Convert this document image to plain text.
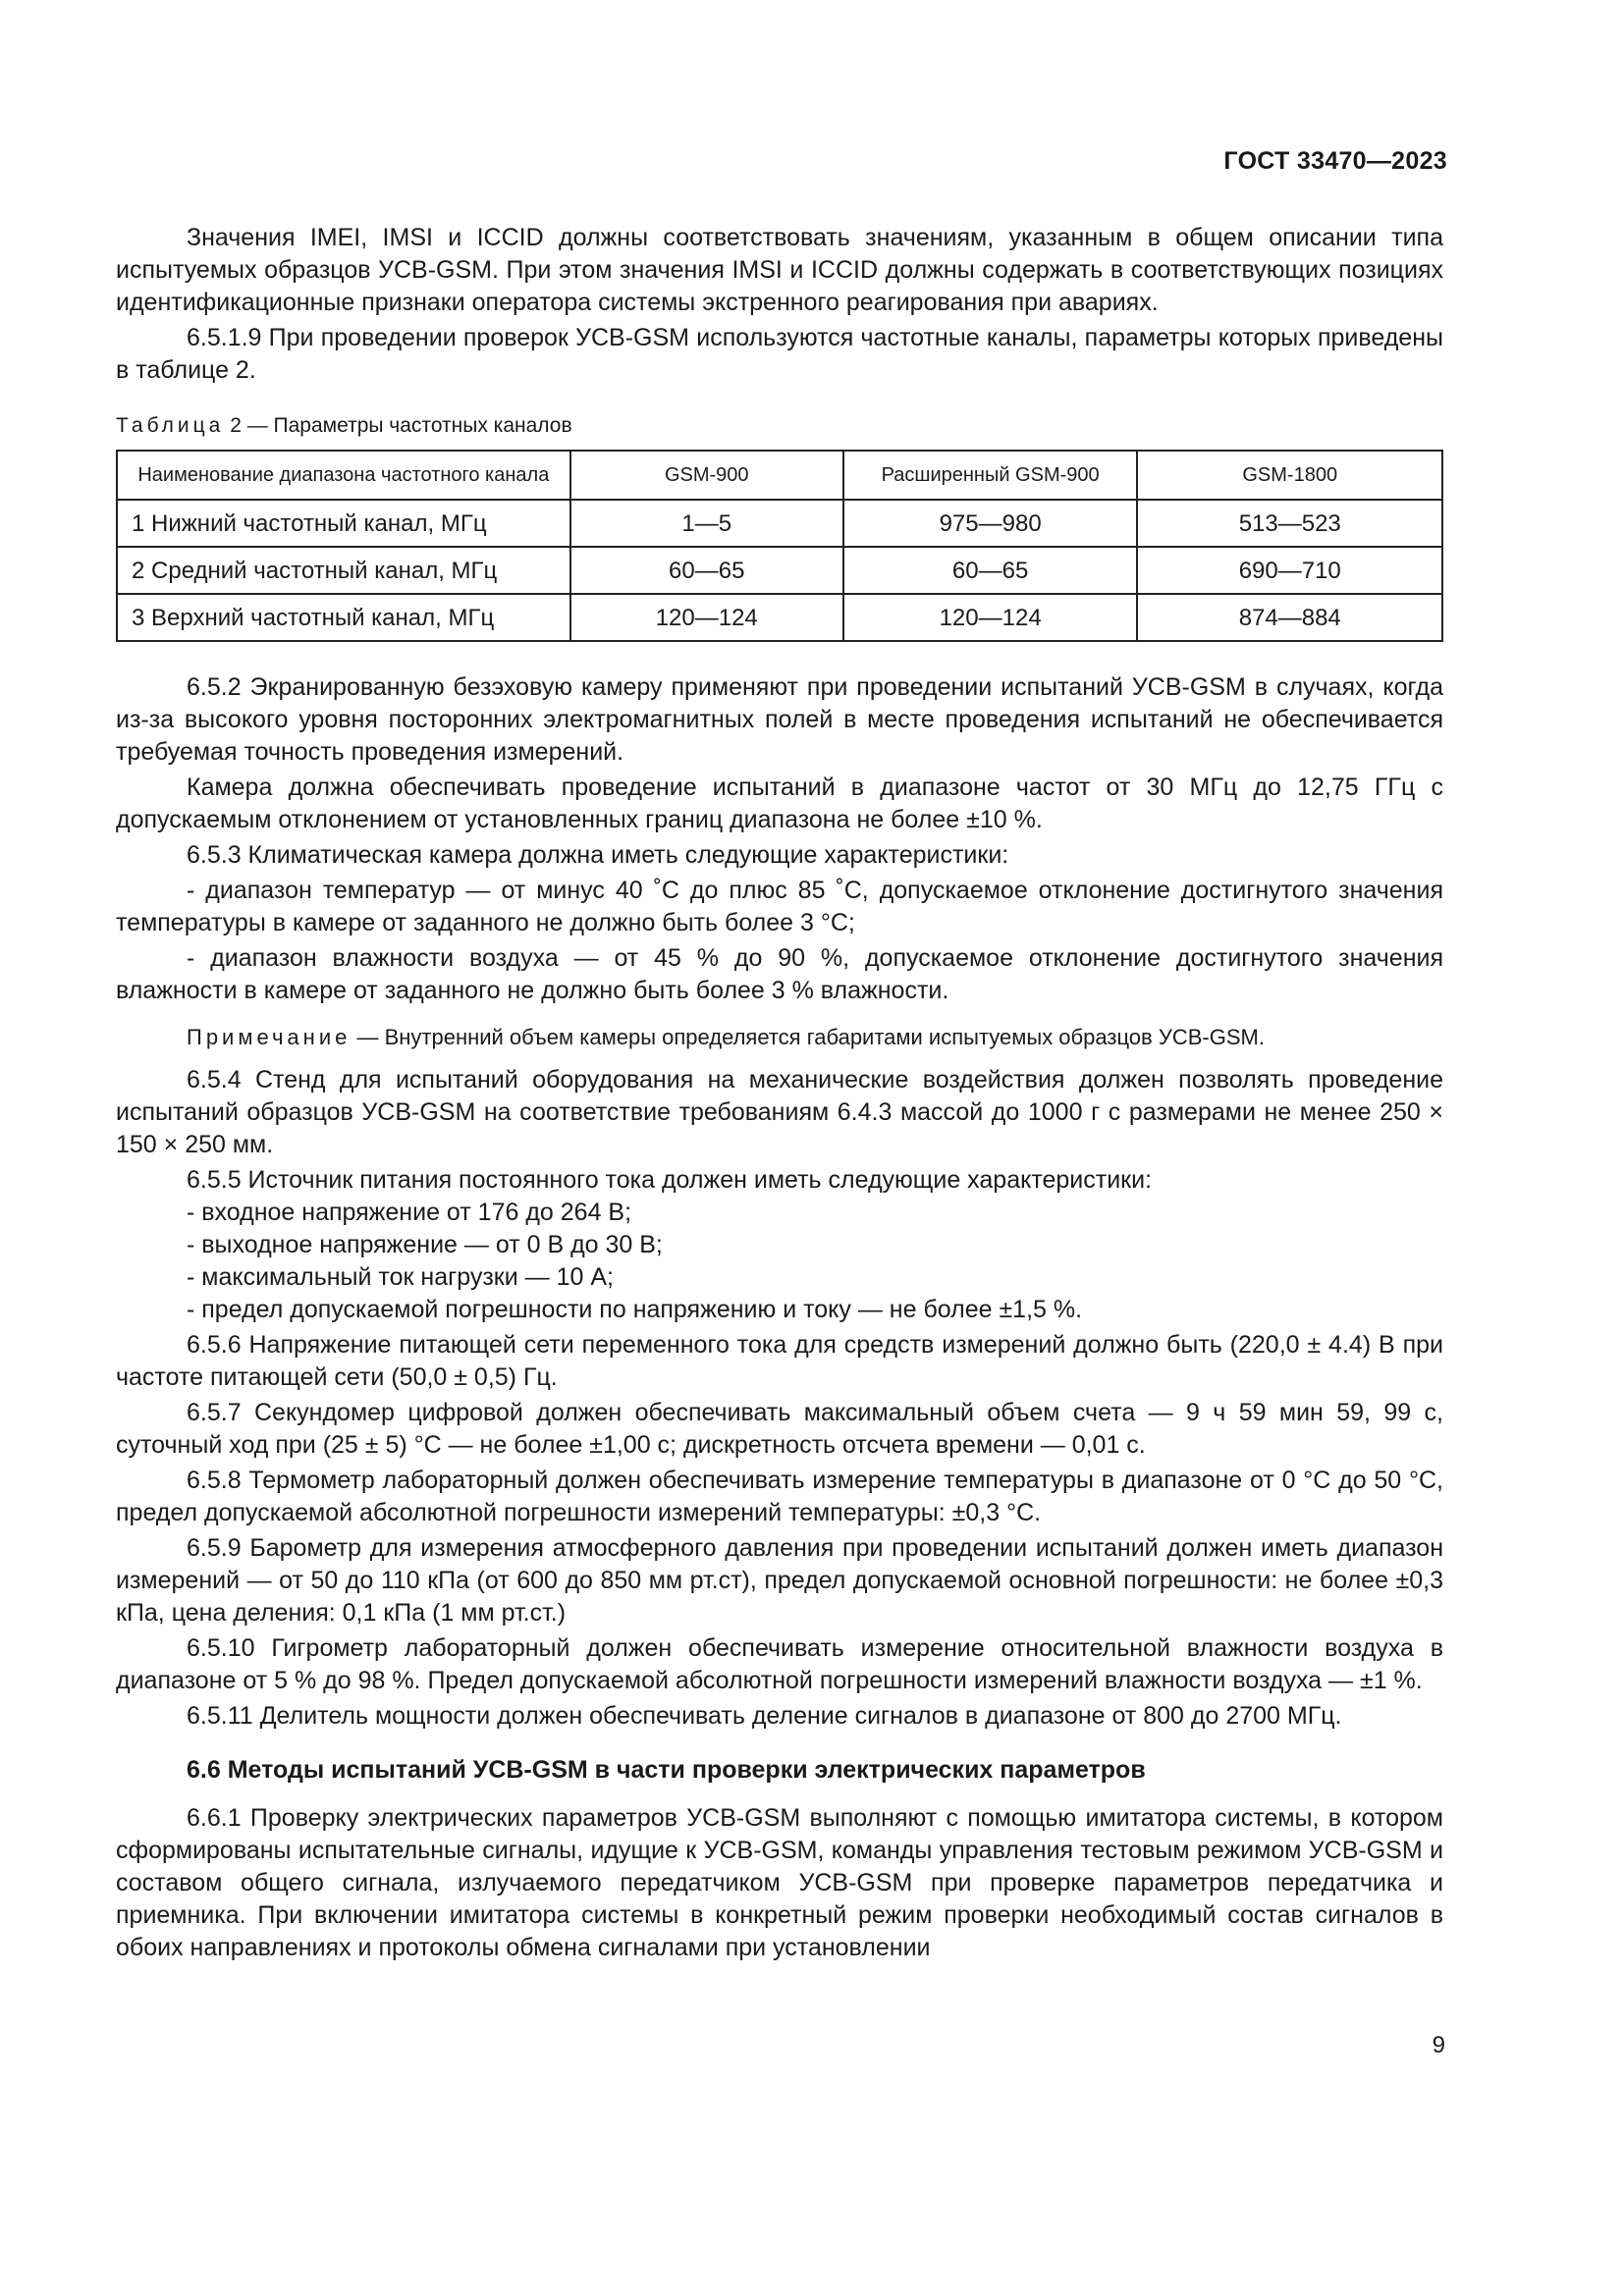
ГОСТ 33470—2023

Значения IMEI, IMSI и ICCID должны соответствовать значениям, указанным в общем описании типа испытуемых образцов УСВ-GSM. При этом значения IMSI и ICCID должны содержать в соответствующих позициях идентификационные признаки оператора системы экстренного реагирования при авариях.

6.5.1.9 При проведении проверок УСВ-GSM используются частотные каналы, параметры которых приведены в таблице 2.

Таблица 2 — Параметры частотных каналов
Наименование диапазона частотного канала	GSM-900	Расширенный GSM-900	GSM-1800
1 Нижний частотный канал, МГц	1—5	975—980	513—523
2 Средний частотный канал, МГц	60—65	60—65	690—710
3 Верхний частотный канал, МГц	120—124	120—124	874—884

6.5.2 Экранированную безэховую камеру применяют при проведении испытаний УСВ-GSM в случаях, когда из-за высокого уровня посторонних электромагнитных полей в месте проведения испытаний не обеспечивается требуемая точность проведения измерений.

Камера должна обеспечивать проведение испытаний в диапазоне частот от 30 МГц до 12,75 ГГц с допускаемым отклонением от установленных границ диапазона не более ±10 %.

6.5.3 Климатическая камера должна иметь следующие характеристики:

- диапазон температур — от минус 40 ˚С до плюс 85 ˚С, допускаемое отклонение достигнутого значения температуры в камере от заданного не должно быть более 3 °С;

- диапазон влажности воздуха — от 45 % до 90 %, допускаемое отклонение достигнутого значения влажности в камере от заданного не должно быть более 3 % влажности.

Примечание — Внутренний объем камеры определяется габаритами испытуемых образцов УСВ-GSM.

6.5.4 Стенд для испытаний оборудования на механические воздействия должен позволять проведение испытаний образцов УСВ-GSM на соответствие требованиям 6.4.3 массой до 1000 г с размерами не менее 250 × 150 × 250 мм.

6.5.5 Источник питания постоянного тока должен иметь следующие характеристики:

- входное напряжение от 176 до 264 В;
- выходное напряжение — от 0 В до 30 В;
- максимальный ток нагрузки — 10 А;
- предел допускаемой погрешности по напряжению и току — не более ±1,5 %.

6.5.6 Напряжение питающей сети переменного тока для средств измерений должно быть (220,0 ± 4.4) В при частоте питающей сети (50,0 ± 0,5) Гц.

6.5.7 Секундомер цифровой должен обеспечивать максимальный объем счета — 9 ч 59 мин 59, 99 с, суточный ход при (25 ± 5) °С — не более ±1,00 с; дискретность отсчета времени — 0,01 с.

6.5.8 Термометр лабораторный должен обеспечивать измерение температуры в диапазоне от 0 °С до 50 °С, предел допускаемой абсолютной погрешности измерений температуры: ±0,3 °С.

6.5.9 Барометр для измерения атмосферного давления при проведении испытаний должен иметь диапазон измерений — от 50 до 110 кПа (от 600 до 850 мм рт.ст), предел допускаемой основной погрешности: не более ±0,3 кПа, цена деления: 0,1 кПа (1 мм рт.ст.)

6.5.10 Гигрометр лабораторный должен обеспечивать измерение относительной влажности воздуха в диапазоне от 5 % до 98 %. Предел допускаемой абсолютной погрешности измерений влажности воздуха — ±1 %.

6.5.11 Делитель мощности должен обеспечивать деление сигналов в диапазоне от 800 до 2700 МГц.

6.6 Методы испытаний УСВ-GSM в части проверки электрических параметров

6.6.1 Проверку электрических параметров УСВ-GSM выполняют с помощью имитатора системы, в котором сформированы испытательные сигналы, идущие к УСВ-GSM, команды управления тестовым режимом УСВ-GSM и составом общего сигнала, излучаемого передатчиком УСВ-GSM при проверке параметров передатчика и приемника. При включении имитатора системы в конкретный режим проверки необходимый состав сигналов в обоих направлениях и протоколы обмена сигналами при установлении

9
